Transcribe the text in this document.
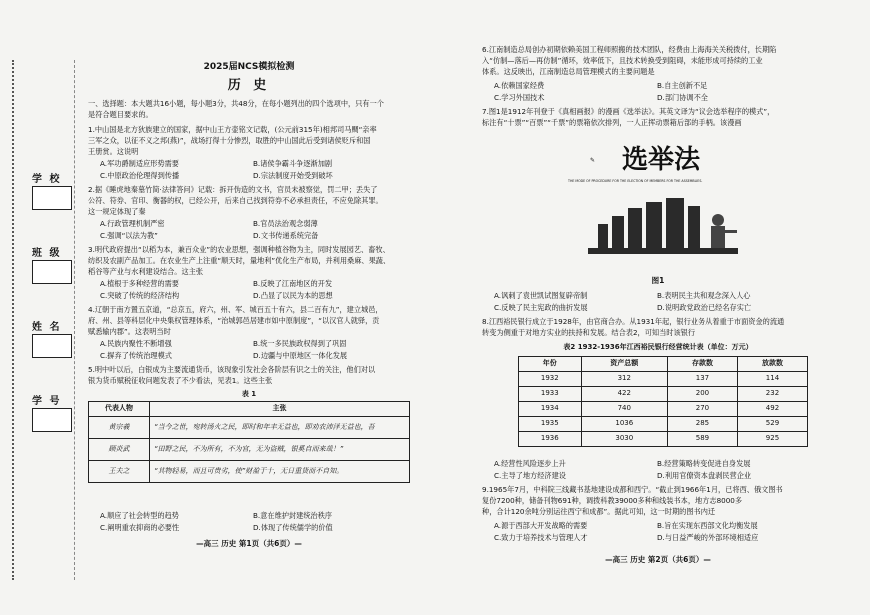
学 校
班 级
姓 名
学 号
2025届NCS模拟检测
历 史
一、选择题：本大题共16小题，每小题3分，共48分，在每小题列出的四个选项中，只有一个
是符合题目要求的。
1.中山国是北方狄族建立的国家，据中山王方壶铭文记载，(公元前315年)相邦司马赒“亲率
三军之众，以征不义之邦(燕)”，战场打得十分惨烈，取胜的中山国此后受到诸侯贬斥和国
王册赏。这说明
A.军功爵制适应形势需要	B.诸侯争霸斗争逐渐加剧
C.中原政治伦理得到传播	D.宗法制度开始受到破坏
2.据《睡虎地秦墓竹简·法律答问》记载：拆开伪造的文书，官员未被察觉，罚二甲；丢失了
公符、符券、官印、衡器的权，已经公开，后来自己找到符券不必承担责任，不应免除其罪。
这一规定体现了秦
A.行政管理机制严密	B.官员法治观念弱薄
C.强调“以法为教”	D.文书传递系统完备
3.明代政府提出“以稻为本，兼百众业”的农业思想，强调种植谷物为主，同时发展园艺、畜牧、
纺织及农副产品加工。在农业生产上注重“顺天时，量地利”优化生产布局，并利用桑麻、果蔬、
稻谷等产业与水利建设结合。这主张
A.植根于多种经营的需要	B.反映了江南地区的开发
C.突破了传统的经济结构	D.凸显了以民为本的思想
4.辽朝于南方置五京道，“总京五，府六，州、军、城百五十有六，县二百有九”，建立城邑，
府、州、县等科层化中央集权管理体系，“治城郭邑居建市如中原制度”，“以汉官人就驿，贡
赋悉输内郡”。这表明当时
A.民族内聚性不断增强	B.统一多民族政权得到了巩固
C.摒弃了传统治理模式	D.边疆与中原地区一体化发展
5.明中叶以后，白银成为主要流通货币，该现象引发社会各阶层有识之士的关注，他们对以
银为货币赋税征收问题发表了不少看法，见表1。这些主张
表 1
代表人物	主张
黄宗羲	“当今之世，宛转汤火之民，即时和年丰无益也，即劝农沛泽无益也，吾
顾炎武	“田野之民，不为所有，不为官，无为盗贼，银奚自而来哉！”
王夫之	“其物轻易，而且可贵劣，使”财盈于十，无日重货而不自知。
A.顺应了社会转型的趋势	B.意在维护封建统治秩序
C.阐明重农抑商的必要性	D.体现了传统儒学的价值
—高三 历史 第1页（共6页）—
6.江南制造总局创办初期依赖美国工程师照搬的技术团队，经费由上海海关关税拨付，长期陷
入“仿制—落后—再仿制”循环，效率低下，且技术转换受到阻碍，未能形成可持续的工业
体系。这反映出，江南制造总局管理模式的主要问题是
A.依赖国家经费	B.自主创新不足
C.学习外国技术	D.部门协调不全
7.图1是1912年刊登于《真相画报》的漫画《选举法》。其英文译为“议会选举程序的模式”，
标注有“十票”“百票”“千票”的票箱依次排列，一人正挥动票箱后部的手柄。该漫画
选举法
✎
THE MODE OF PROCEDURE FOR THE ELECTION OF MEMBERS FOR THE ASSEMBLIES.
图1
A.讽刺了袁世凯试图复辟帝制	B.表明民主共和观念深入人心
C.反映了民主宪政的曲折发展	D.说明政党政治已经名存实亡
8.江西裕民银行成立于1928年，由官商合办。从1931年起，银行业务从着重于市面资金的流通
转变为侧重于对地方实业的扶持和发展。结合表2，可知当时该银行
表2 1932-1936年江西裕民银行经营统计表（单位：万元）
年份	资产总额	存款数	放款数
1932	312	137	114
1933	422	200	232
1934	740	270	492
1935	1036	285	529
1936	3030	589	925
A.经营性风险逐步上升	B.经营策略转变促进自身发展
C.主导了地方经济建设	D.利用官僚资本盘剥民营企业
9.1965年7月，中科院三线藏书基地建设成都和西宁。“截止到1966年1月，已将西、俄文图书
复份7200种，储备刊物691种，调拨科教39000多种和线装书本，地方志8000多
种，合计120余吨分别运往西宁和成都”。据此可知，这一时期的图书内迁
A.源于西部大开发战略的需要	B.旨在实现东西部文化均衡发展
C.致力于培养技术与管理人才	D.与日益严峻的外部环境相适应
—高三 历史 第2页（共6页）—
